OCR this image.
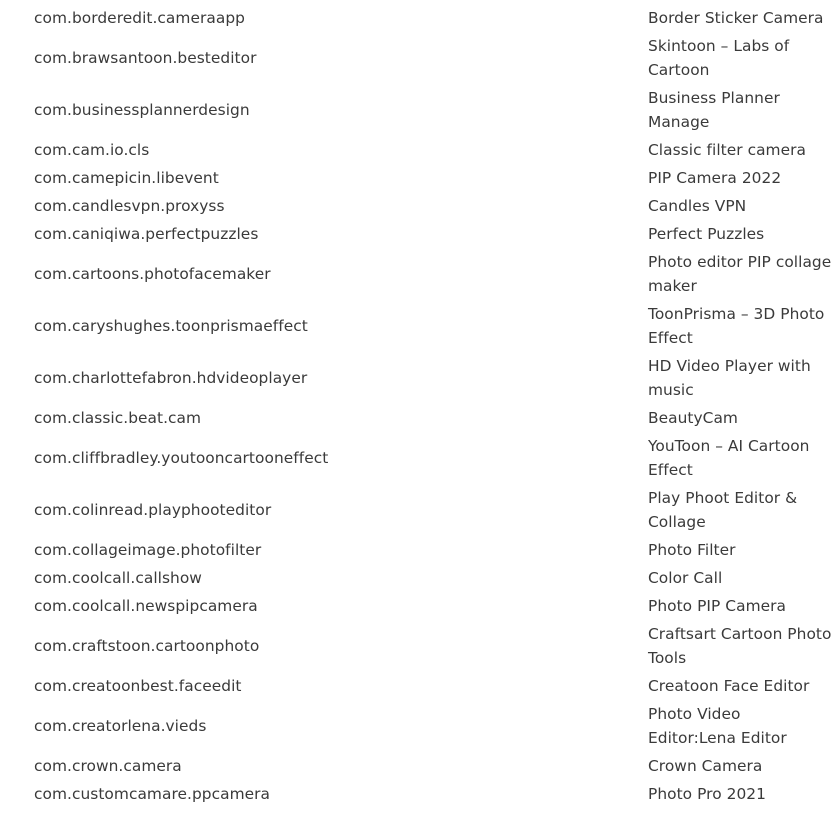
com.borderedit.cameraapp	Border Sticker Camera
com.brawsantoon.besteditor	Skintoon – Labs of Cartoon
com.businessplannerdesign	Business Planner Manage
com.cam.io.cls	Classic filter camera
com.camepicin.libevent	PIP Camera 2022
com.candlesvpn.proxyss	Candles VPN
com.caniqiwa.perfectpuzzles	Perfect Puzzles
com.cartoons.photofacemaker	Photo editor PIP collage maker
com.caryshughes.toonprismaeffect	ToonPrisma – 3D Photo Effect
com.charlottefabron.hdvideoplayer	HD Video Player with music
com.classic.beat.cam	BeautyCam
com.cliffbradley.youtooncartooneffect	YouToon – AI Cartoon Effect
com.colinread.playphooteditor	Play Phoot Editor & Collage
com.collageimage.photofilter	Photo Filter
com.coolcall.callshow	Color Call
com.coolcall.newspipcamera	Photo PIP Camera
com.craftstoon.cartoonphoto	Craftsart Cartoon Photo Tools
com.creatoonbest.faceedit	Creatoon Face Editor
com.creatorlena.vieds	Photo Video Editor:Lena Editor
com.crown.camera	Crown Camera
com.customcamare.ppcamera	Photo Pro 2021
